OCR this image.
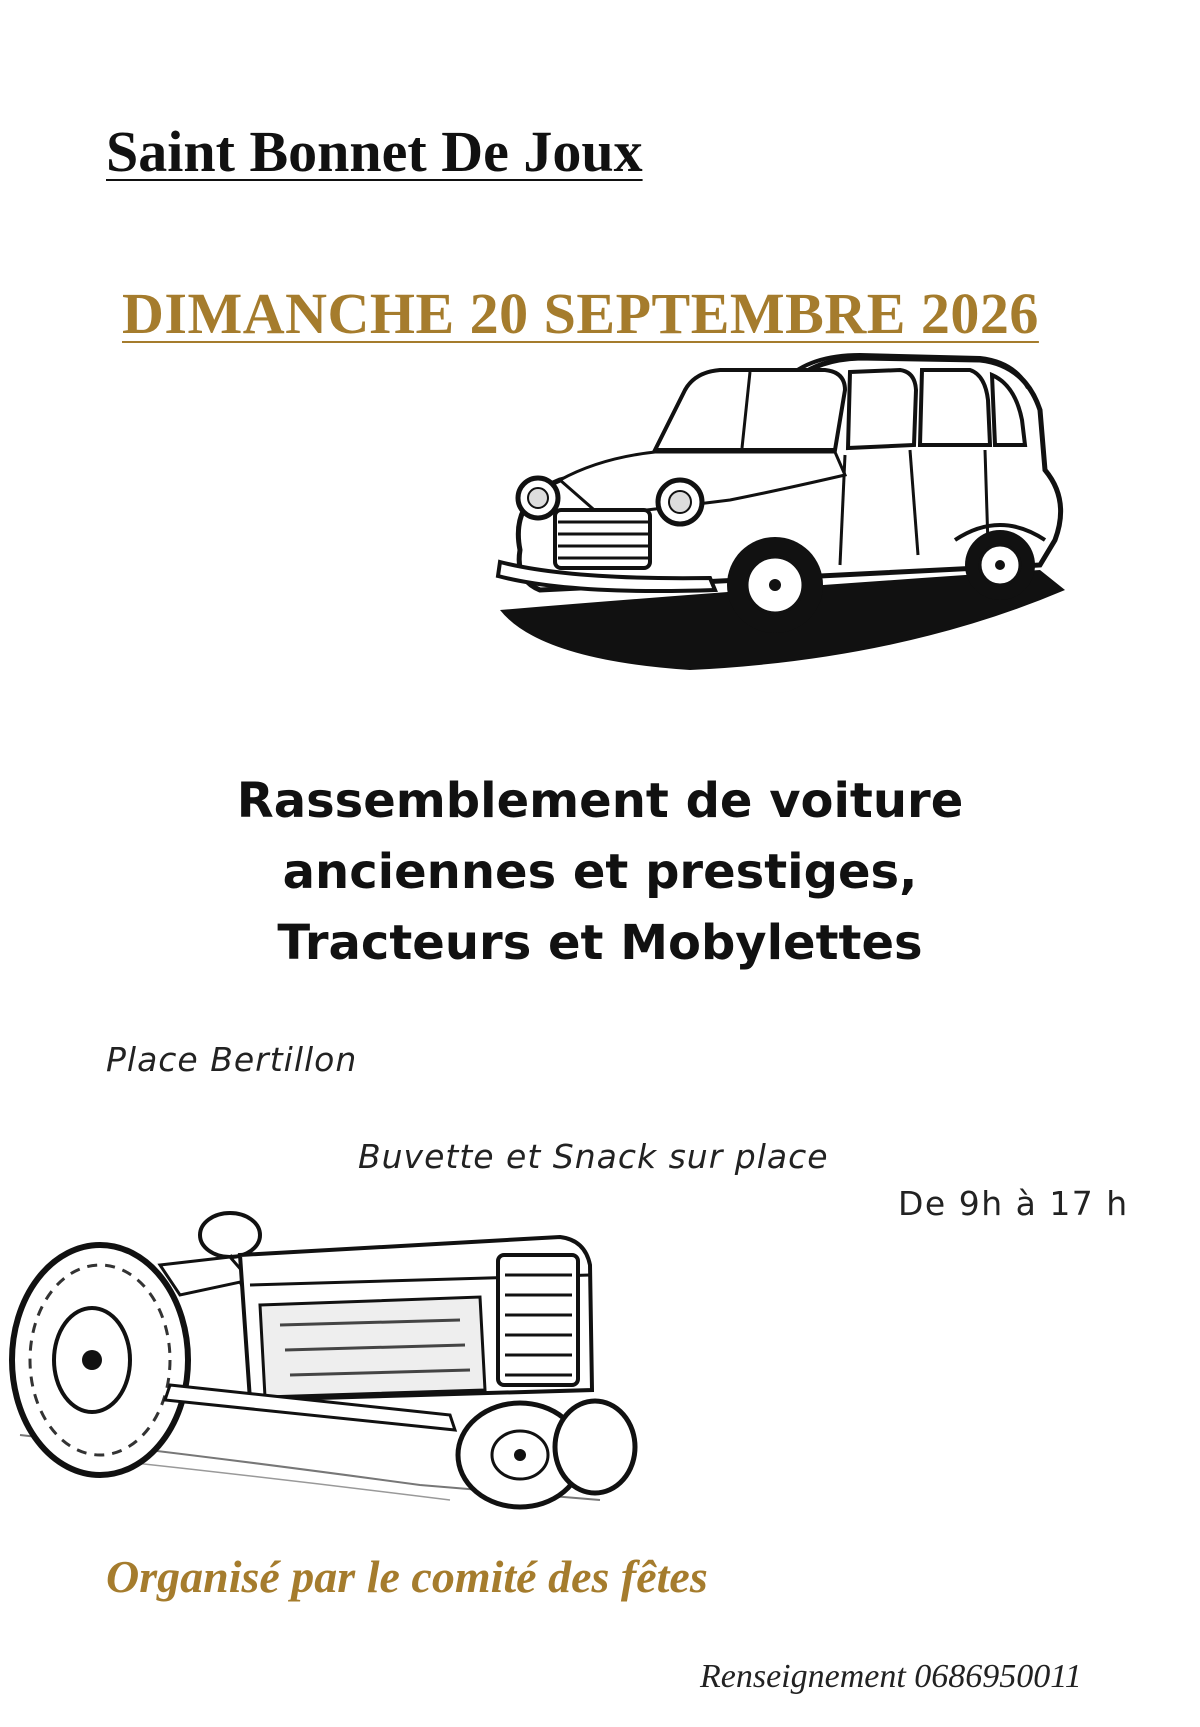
Saint Bonnet De Joux
DIMANCHE 20 SEPTEMBRE 2026
Rassemblement de voiture
anciennes et prestiges,
Tracteurs et Mobylettes
Place Bertillon
Buvette et Snack sur place
De 9h à 17 h
Organisé par le comité des fêtes
Renseignement 0686950011
